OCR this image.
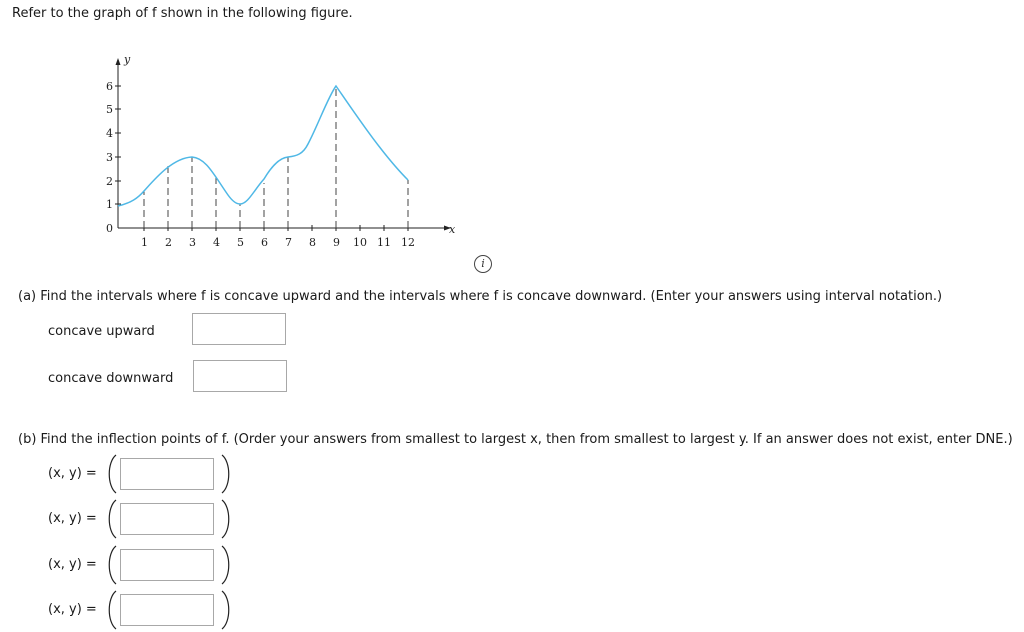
Refer to the graph of f shown in the following figure.
y
x
0
1
2
3
4
5
6
1 2 3 4 5 6 7 8 9 10 11 12
i
(a) Find the intervals where f is concave upward and the intervals where f is concave downward. (Enter your answers using interval notation.)
concave upward
concave downward
(b) Find the inflection points of f. (Order your answers from smallest to largest x, then from smallest to largest y. If an answer does not exist, enter DNE.)
(x, y) =
(x, y) =
(x, y) =
(x, y) =
